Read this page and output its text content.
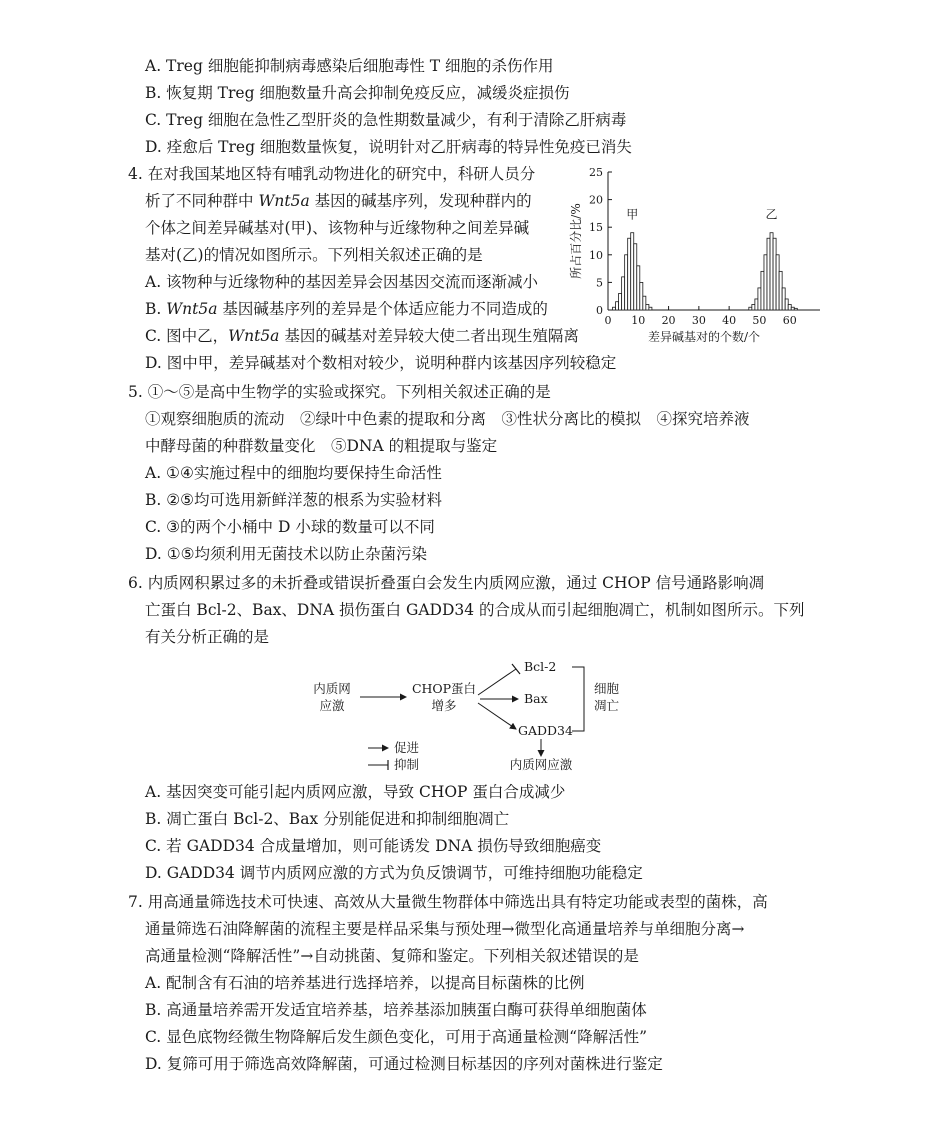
A. Treg 细胞能抑制病毒感染后细胞毒性 T 细胞的杀伤作用
B. 恢复期 Treg 细胞数量升高会抑制免疫反应，减缓炎症损伤
C. Treg 细胞在急性乙型肝炎的急性期数量减少，有利于清除乙肝病毒
D. 痊愈后 Treg 细胞数量恢复，说明针对乙肝病毒的特异性免疫已消失
4. 在对我国某地区特有哺乳动物进化的研究中，科研人员分
析了不同种群中 Wnt5a 基因的碱基序列，发现种群内的
个体之间差异碱基对(甲)、该物种与近缘物种之间差异碱
基对(乙)的情况如图所示。下列相关叙述正确的是
A. 该物种与近缘物种的基因差异会因基因交流而逐渐减小
B. Wnt5a 基因碱基序列的差异是个体适应能力不同造成的
C. 图中乙，Wnt5a 基因的碱基对差异较大使二者出现生殖隔离
D. 图中甲，差异碱基对个数相对较少，说明种群内该基因序列较稳定
0
5
10
15
20
25
0 10 20 30 40 50 60
甲	乙
所占百分比/%
差异碱基对的个数/个
5. ①～⑤是高中生物学的实验或探究。下列相关叙述正确的是
①观察细胞质的流动　②绿叶中色素的提取和分离　③性状分离比的模拟　④探究培养液
中酵母菌的种群数量变化　⑤DNA 的粗提取与鉴定
A. ①④实施过程中的细胞均要保持生命活性
B. ②⑤均可选用新鲜洋葱的根系为实验材料
C. ③的两个小桶中 D 小球的数量可以不同
D. ①⑤均须利用无菌技术以防止杂菌污染
6. 内质网积累过多的未折叠或错误折叠蛋白会发生内质网应激，通过 CHOP 信号通路影响凋
亡蛋白 Bcl-2、Bax、DNA 损伤蛋白 GADD34 的合成从而引起细胞凋亡，机制如图所示。下列
有关分析正确的是
内质网
应激
CHOP蛋白
增多
Bcl-2
Bax
GADD34
细胞
凋亡
内质网应激
促进
抑制
A. 基因突变可能引起内质网应激，导致 CHOP 蛋白合成减少
B. 凋亡蛋白 Bcl-2、Bax 分别能促进和抑制细胞凋亡
C. 若 GADD34 合成量增加，则可能诱发 DNA 损伤导致细胞癌变
D. GADD34 调节内质网应激的方式为负反馈调节，可维持细胞功能稳定
7. 用高通量筛选技术可快速、高效从大量微生物群体中筛选出具有特定功能或表型的菌株，高
通量筛选石油降解菌的流程主要是样品采集与预处理→微型化高通量培养与单细胞分离→
高通量检测“降解活性”→自动挑菌、复筛和鉴定。下列相关叙述错误的是
A. 配制含有石油的培养基进行选择培养，以提高目标菌株的比例
B. 高通量培养需开发适宜培养基，培养基添加胰蛋白酶可获得单细胞菌体
C. 显色底物经微生物降解后发生颜色变化，可用于高通量检测“降解活性”
D. 复筛可用于筛选高效降解菌，可通过检测目标基因的序列对菌株进行鉴定
